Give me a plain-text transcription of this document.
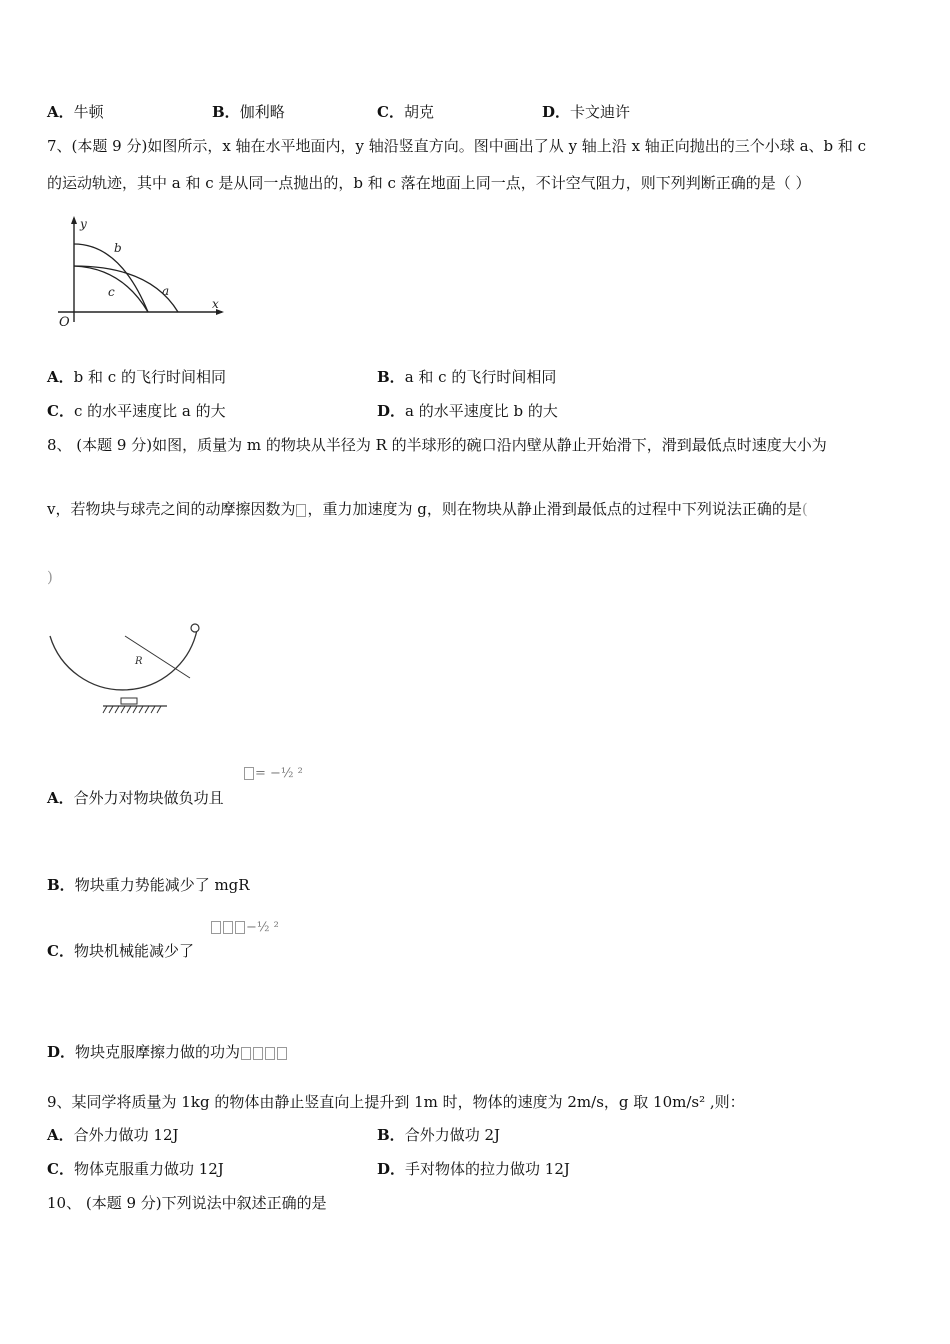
A．牛顿	B．伽利略	C．胡克	D．卡文迪许
7、(本题 9 分)如图所示，x 轴在水平地面内，y 轴沿竖直方向。图中画出了从 y 轴上沿 x 轴正向抛出的三个小球 a、b 和 c
的运动轨迹，其中 a 和 c 是从同一点抛出的，b 和 c 落在地面上同一点，不计空气阻力，则下列判断正确的是（ ）
y
x
O
b
c	a
A．b 和 c 的飞行时间相同	B．a 和 c 的飞行时间相同
C．c 的水平速度比 a 的大	D．a 的水平速度比 b 的大
8、 (本题 9 分)如图，质量为 m 的物块从半径为 R 的半球形的碗口沿内壁从静止开始滑下，滑到最低点时速度大小为
v，若物块与球壳之间的动摩擦因数为 ，重力加速度为 g，则在物块从静止滑到最低点的过程中下列说法正确的是(
)
R
A．合外力对物块做负功且
= −½ ²
B．物块重力势能减少了 mgR
C．物块机械能减少了
−½ ²
D．物块克服摩擦力做的功为
9、某同学将质量为 1kg 的物体由静止竖直向上提升到 1m 时，物体的速度为 2m/s，g 取 10m/s² ,则：
A．合外力做功 12J	B．合外力做功 2J
C．物体克服重力做功 12J	D．手对物体的拉力做功 12J
10、 (本题 9 分)下列说法中叙述正确的是
